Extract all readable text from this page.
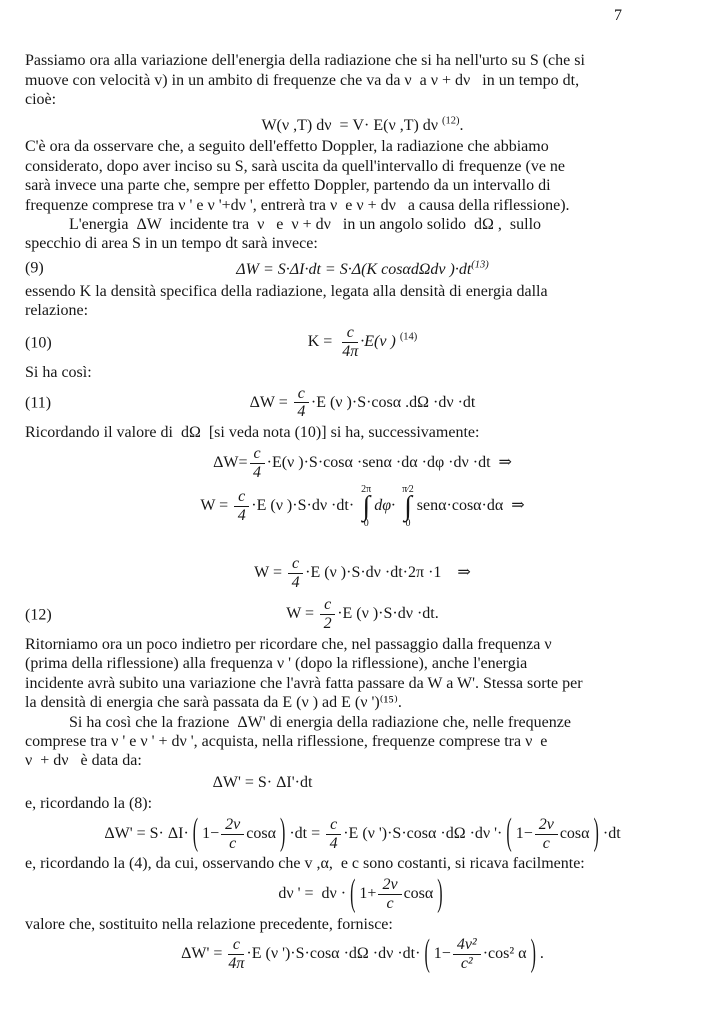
7
Passiamo ora alla variazione dell'energia della radiazione che si ha nell'urto su S (che si
muove con velocità v) in un ambito di frequenze che va da ν  a ν + dν   in un tempo dt,
cioè:
W(ν ,T) dν  = V· E(ν ,T) dν $^{(12)}$.
C'è ora da osservare che, a seguito dell'effetto Doppler, la radiazione che abbiamo
considerato, dopo aver inciso su S, sarà uscita da quell'intervallo di frequenze (ve ne
sarà invece una parte che, sempre per effetto Doppler, partendo da un intervallo di
frequenze comprese tra ν ' e ν '+dν ', entrerà tra ν  e ν + dν   a causa della riflessione).
L'energia  ΔW  incidente tra  ν   e  ν + dν   in un angolo solido  dΩ ,  sullo
specchio di area S in un tempo dt sarà invece:
(9)	ΔW = S·ΔI·dt = S·Δ(K cosαdΩdν )·dt$^{(13)}$
essendo K la densità specifica della radiazione, legata alla densità di energia dalla
relazione:
(10)	$K = \frac{c}{4\pi} \cdot E(\nu$ ) $^{(14)}$
Si ha così:
(11)	$\Delta W = \frac{c}{4} \cdot E$ (ν )·S·cosα .dΩ ·dν ·dt
Ricordando il valore di  dΩ  [si veda nota (10)] si ha, successivamente:
$\Delta W= \frac{c}{4} \cdot E(\nu$ )·S·cosα ·senα ·dα ·dφ ·dν ·dt  ⇒
$W = \frac{c}{4} \cdot E$ (ν )·S·dν ·dt·
2π
∫
0
dφ·
π⁄2
∫
0
senα·cosα·dα  ⇒
$W = \frac{c}{4} \cdot E$ (ν )·S·dν ·dt·2π ·1    ⇒
(12)	$W = \frac{c}{2} \cdot E$ (ν )·S·dν ·dt.
Ritorniamo ora un poco indietro per ricordare che, nel passaggio dalla frequenza ν
(prima della riflessione) alla frequenza ν ' (dopo la riflessione), anche l'energia
incidente avrà subito una variazione che l'avrà fatta passare da W a W'. Stessa sorte per
la densità di energia che sarà passata da E (ν ) ad E (ν ')⁽¹⁵⁾.
Si ha così che la frazione  ΔW' di energia della radiazione che, nelle frequenze
comprese tra ν ' e ν ' + dν ', acquista, nella riflessione, frequenze comprese tra ν  e
ν  + dν   è data da:
ΔW' = S· ΔI'·dt
e, ricordando la (8):
ΔW' = S· ΔI· ( $1- \frac{2v}{c}$ cosα ) $\cdot dt = \frac{c}{4} \cdot E$ (ν ')·S·cosα ·dΩ ·dν '· ( $1- \frac{2v}{c}$ cosα ) ·dt
e, ricordando la (4), da cui, osservando che v ,α,  e c sono costanti, si ricava facilmente:
dν ' =  dν · ( $1+ \frac{2v}{c}$ cosα )
valore che, sostituito nella relazione precedente, fornisce:
$\Delta W' = \frac{c}{4\pi} \cdot E$ (ν ')·S·cosα ·dΩ ·dν ·dt· ( $1- \frac{\text{4v²}}{\text{c²}} \cdot\cos^2$ α ) .
